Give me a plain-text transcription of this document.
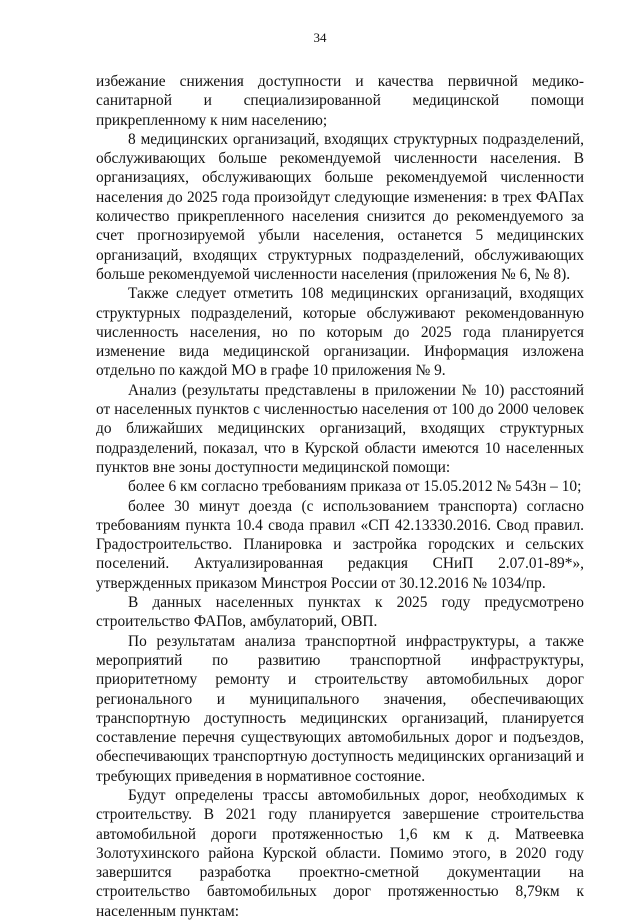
34

избежание снижения доступности и качества первичной медико-санитарной и специализированной медицинской помощи прикрепленному к ним населению;

8 медицинских организаций, входящих структурных подразделений, обслуживающих больше рекомендуемой численности населения. В организациях, обслуживающих больше рекомендуемой численности населения до 2025 года произойдут следующие изменения: в трех ФАПах количество прикрепленного населения снизится до рекомендуемого за счет прогнозируемой убыли населения, останется 5 медицинских организаций, входящих структурных подразделений, обслуживающих больше рекомендуемой численности населения (приложения № 6, № 8).

Также следует отметить 108 медицинских организаций, входящих структурных подразделений, которые обслуживают рекомендованную численность населения, но по которым до 2025 года планируется изменение вида медицинской организации. Информация изложена отдельно по каждой МО в графе 10 приложения № 9.

Анализ (результаты представлены в приложении № 10) расстояний от населенных пунктов с численностью населения от 100 до 2000 человек до ближайших медицинских организаций, входящих структурных подразделений, показал, что в Курской области имеются 10 населенных пунктов вне зоны доступности медицинской помощи:

более 6 км согласно требованиям приказа от 15.05.2012 № 543н – 10;

более 30 минут доезда (с использованием транспорта) согласно требованиям пункта 10.4 свода правил «СП 42.13330.2016. Свод правил. Градостроительство. Планировка и застройка городских и сельских поселений. Актуализированная редакция СНиП 2.07.01-89*», утвержденных приказом Минстроя России от 30.12.2016 № 1034/пр.

В данных населенных пунктах к 2025 году предусмотрено строительство ФАПов, амбулаторий, ОВП.

По результатам анализа транспортной инфраструктуры, а также мероприятий по развитию транспортной инфраструктуры, приоритетному ремонту и строительству автомобильных дорог регионального и муниципального значения, обеспечивающих транспортную доступность медицинских организаций, планируется составление перечня существующих автомобильных дорог и подъездов, обеспечивающих транспортную доступность медицинских организаций и требующих приведения в нормативное состояние.

Будут определены трассы автомобильных дорог, необходимых к строительству. В 2021 году планируется завершение строительства автомобильной дороги протяженностью 1,6 км к д. Матвеевка Золотухинского района Курской области. Помимо этого, в 2020 году завершится разработка проектно-сметной документации на строительство бавтомобильных дорог протяженностью 8,79км к населенным пунктам:
